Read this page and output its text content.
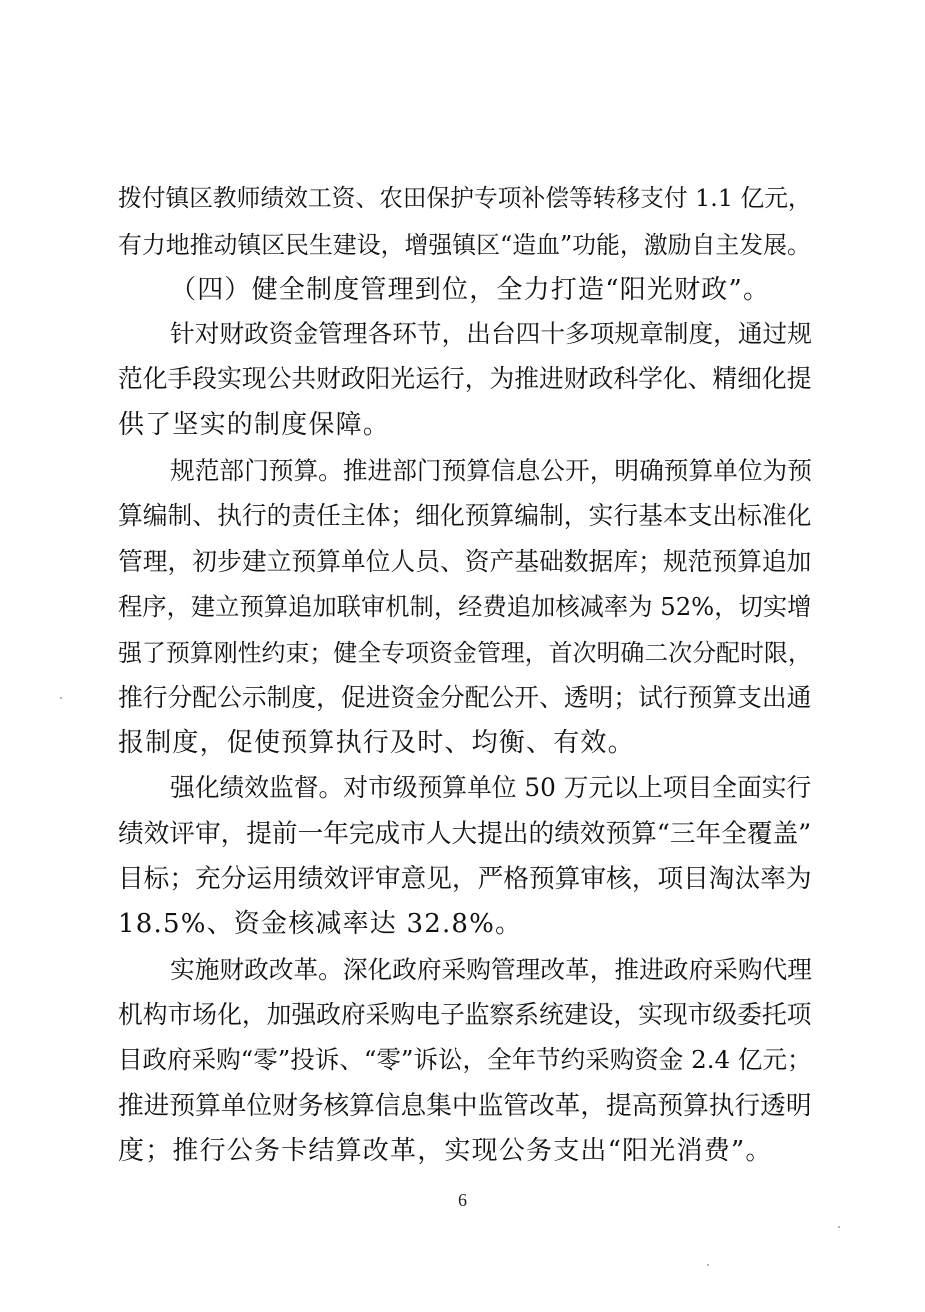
拨付镇区教师绩效工资、农田保护专项补偿等转移支付 1.1 亿元，
有力地推动镇区民生建设，增强镇区“造血”功能，激励自主发展。
（四）健全制度管理到位，全力打造“阳光财政”。
针对财政资金管理各环节，出台四十多项规章制度，通过规
范化手段实现公共财政阳光运行，为推进财政科学化、精细化提
供了坚实的制度保障。
规范部门预算。推进部门预算信息公开，明确预算单位为预
算编制、执行的责任主体；细化预算编制，实行基本支出标准化
管理，初步建立预算单位人员、资产基础数据库；规范预算追加
程序，建立预算追加联审机制，经费追加核减率为 52%，切实增
强了预算刚性约束；健全专项资金管理，首次明确二次分配时限，
推行分配公示制度，促进资金分配公开、透明；试行预算支出通
报制度，促使预算执行及时、均衡、有效。
强化绩效监督。对市级预算单位 50 万元以上项目全面实行
绩效评审，提前一年完成市人大提出的绩效预算“三年全覆盖”
目标；充分运用绩效评审意见，严格预算审核，项目淘汰率为
18.5%、资金核减率达 32.8%。
实施财政改革。深化政府采购管理改革，推进政府采购代理
机构市场化，加强政府采购电子监察系统建设，实现市级委托项
目政府采购“零”投诉、“零”诉讼，全年节约采购资金 2.4 亿元；
推进预算单位财务核算信息集中监管改革，提高预算执行透明
度；推行公务卡结算改革，实现公务支出“阳光消费”。
6
